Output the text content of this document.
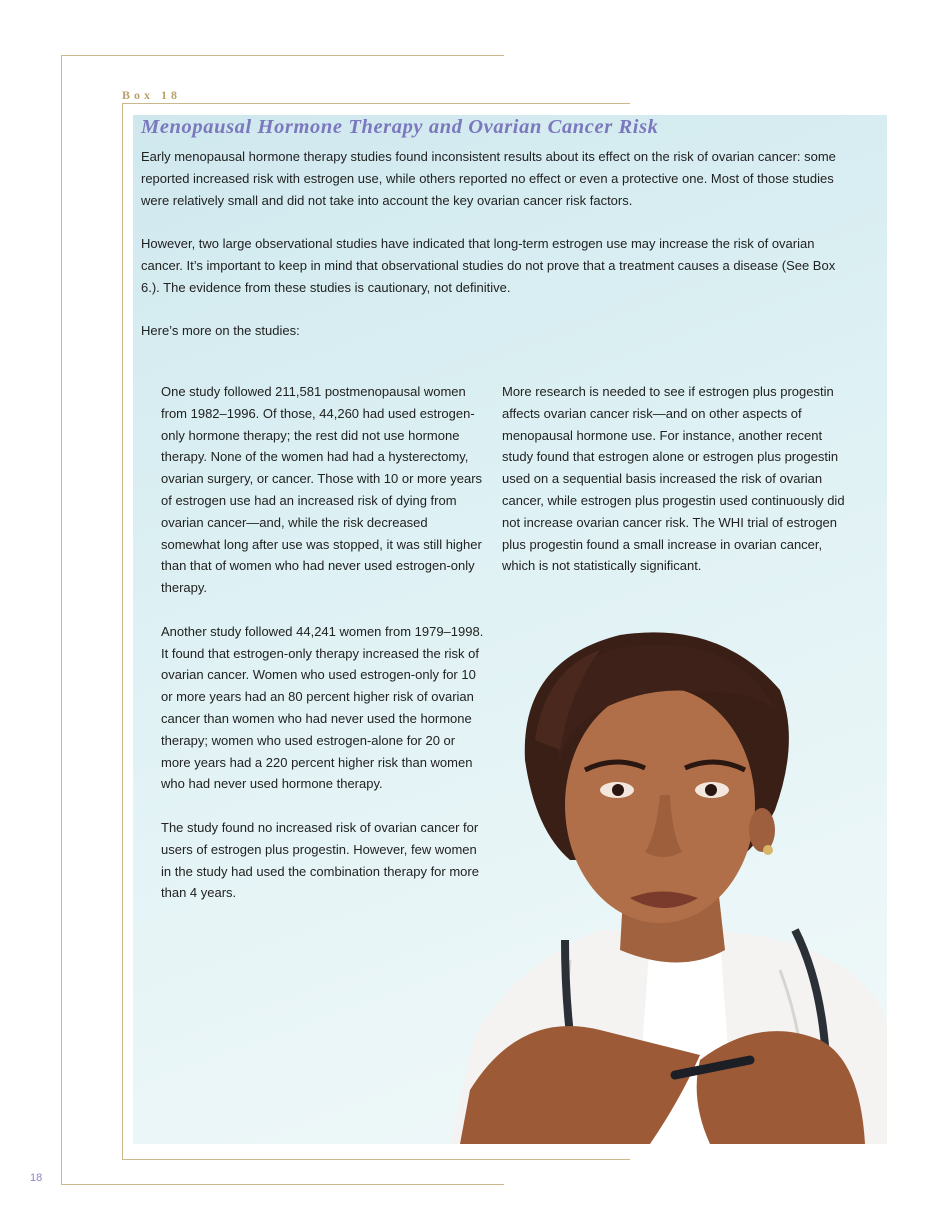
Box 18
Menopausal Hormone Therapy and Ovarian Cancer Risk

Early menopausal hormone therapy studies found inconsistent results about its effect on the risk of ovarian cancer: some reported increased risk with estrogen use, while others reported no effect or even a protective one. Most of those studies were relatively small and did not take into account the key ovarian cancer risk factors.

However, two large observational studies have indicated that long-term estrogen use may increase the risk of ovarian cancer. It’s important to keep in mind that observational studies do not prove that a treatment causes a disease (See Box 6.). The evidence from these studies is cautionary, not definitive.

Here’s more on the studies:

One study followed 211,581 postmenopausal women from 1982–1996. Of those, 44,260 had used estrogen-only hormone therapy; the rest did not use hormone therapy. None of the women had had a hysterectomy, ovarian surgery, or cancer. Those with 10 or more years of estrogen use had an increased risk of dying from ovarian cancer—and, while the risk decreased somewhat long after use was stopped, it was still higher than that of women who had never used estrogen-only therapy.

Another study followed 44,241 women from 1979–1998. It found that estrogen-only therapy increased the risk of ovarian cancer. Women who used estrogen-only for 10 or more years had an 80 percent higher risk of ovarian cancer than women who had never used the hormone therapy; women who used estrogen-alone for 20 or more years had a 220 percent higher risk than women who had never used hormone therapy.

The study found no increased risk of ovarian cancer for users of estrogen plus progestin. However, few women in the study had used the combination therapy for more than 4 years.

More research is needed to see if estrogen plus progestin affects ovarian cancer risk—and on other aspects of menopausal hormone use. For instance, another recent study found that estrogen alone or estrogen plus progestin used on a sequential basis increased the risk of ovarian cancer, while estrogen plus progestin used continuously did not increase ovarian cancer risk. The WHI trial of estrogen plus progestin found a small increase in ovarian cancer, which is not statistically significant.

18
